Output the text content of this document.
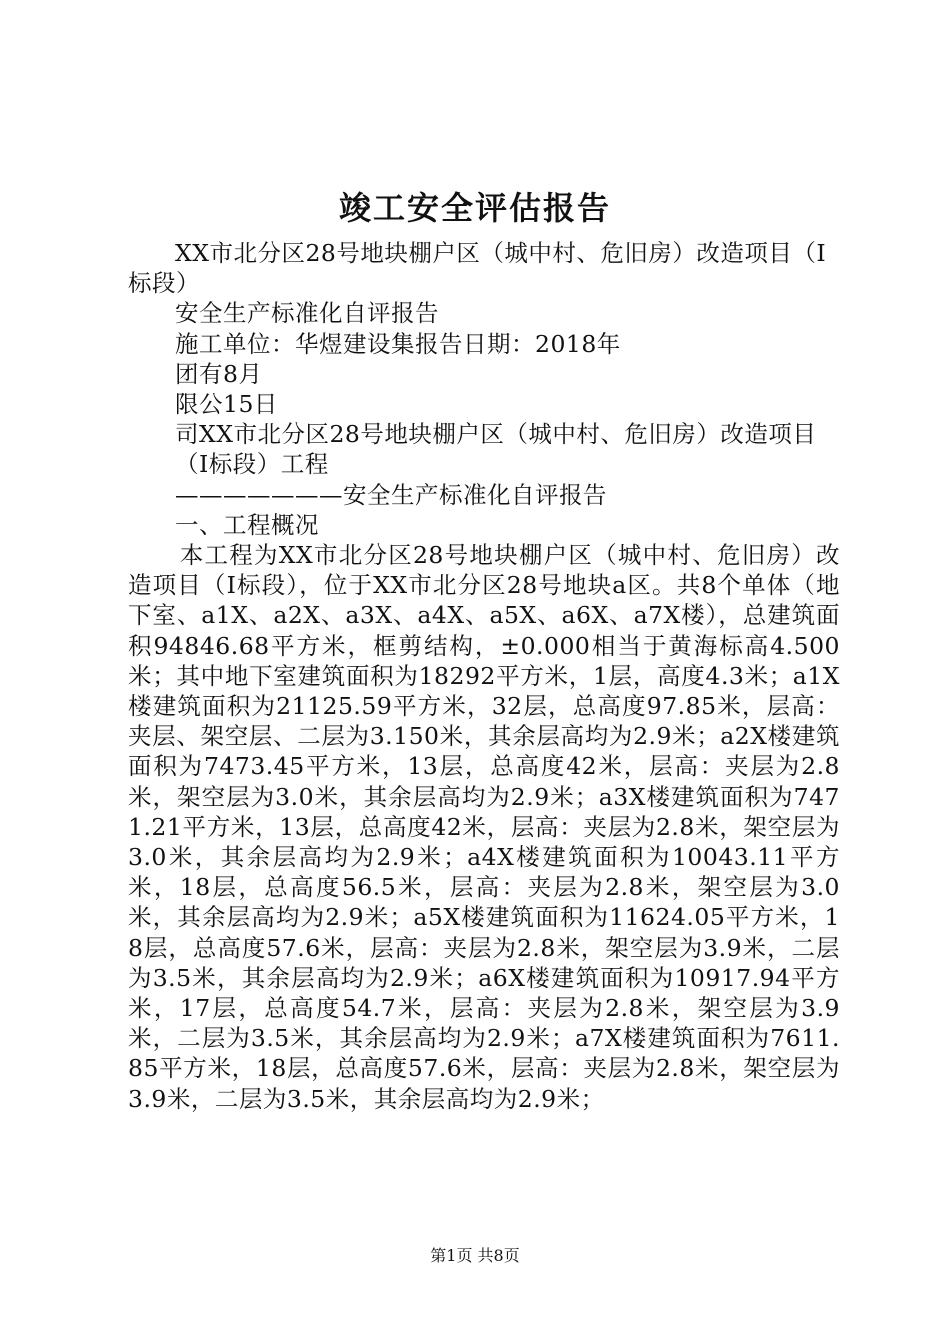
竣工安全评估报告

XX市北分区28号地块棚户区（城中村、危旧房）改造项目（Ⅰ标段）

安全生产标准化自评报告

施工单位：华煜建设集报告日期：2018年

团有8月

限公15日

司XX市北分区28号地块棚户区（城中村、危旧房）改造项目

（Ⅰ标段）工程

———————安全生产标准化自评报告

一、工程概况

本工程为XX市北分区28号地块棚户区（城中村、危旧房）改造项目（Ⅰ标段），位于XX市北分区28号地块a区。共8个单体（地下室、a1X、a2X、a3X、a4X、a5X、a6X、a7X楼），总建筑面积94846.68平方米，框剪结构，±0.000相当于黄海标高4.500米；其中地下室建筑面积为18292平方米，1层，高度4.3米；a1X楼建筑面积为21125.59平方米，32层，总高度97.85米，层高：夹层、架空层、二层为3.150米，其余层高均为2.9米；a2X楼建筑面积为7473.45平方米，13层，总高度42米，层高：夹层为2.8米，架空层为3.0米，其余层高均为2.9米；a3X楼建筑面积为7471.21平方米，13层，总高度42米，层高：夹层为2.8米，架空层为3.0米，其余层高均为2.9米；a4X楼建筑面积为10043.11平方米，18层，总高度56.5米，层高：夹层为2.8米，架空层为3.0米，其余层高均为2.9米；a5X楼建筑面积为11624.05平方米，18层，总高度57.6米，层高：夹层为2.8米，架空层为3.9米，二层为3.5米，其余层高均为2.9米；a6X楼建筑面积为10917.94平方米，17层，总高度54.7米，层高：夹层为2.8米，架空层为3.9米，二层为3.5米，其余层高均为2.9米；a7X楼建筑面积为7611.85平方米，18层，总高度57.6米，层高：夹层为2.8米，架空层为3.9米，二层为3.5米，其余层高均为2.9米；

第1页 共8页
